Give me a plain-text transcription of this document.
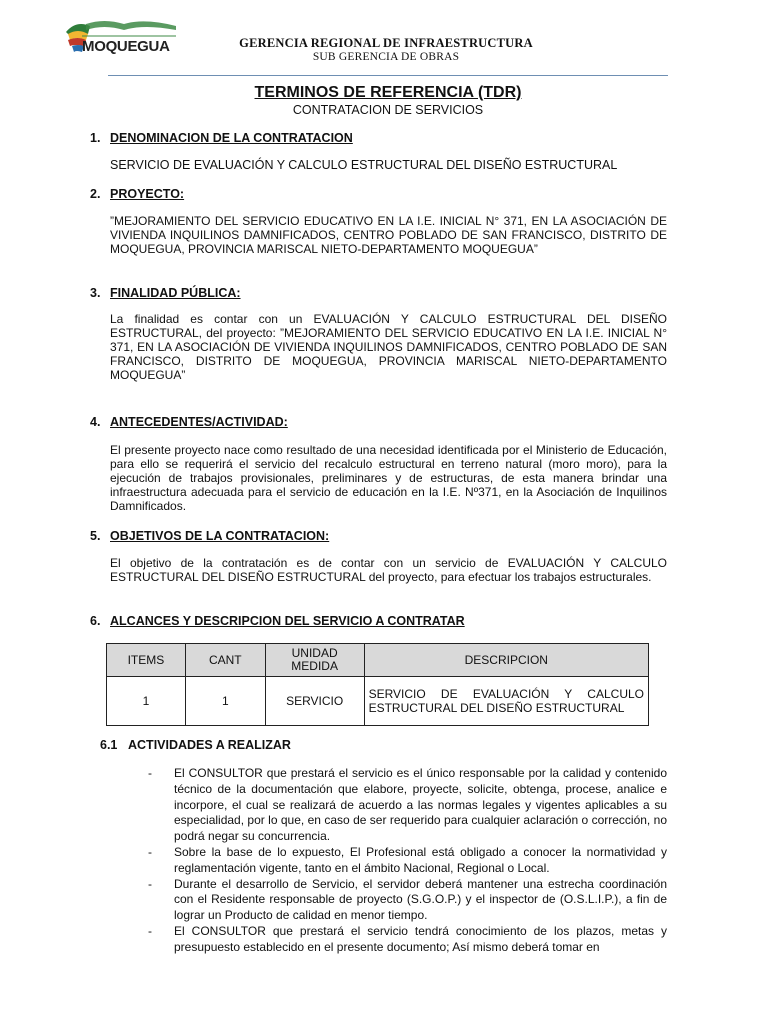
MOQUEGUA	GERENCIA REGIONAL DE INFRAESTRUCTURA
SUB GERENCIA DE OBRAS
TERMINOS DE REFERENCIA (TDR)
CONTRATACION DE SERVICIOS
1. DENOMINACION DE LA CONTRATACION
SERVICIO DE EVALUACIÓN Y CALCULO ESTRUCTURAL DEL DISEÑO ESTRUCTURAL
2. PROYECTO:
”MEJORAMIENTO DEL SERVICIO EDUCATIVO EN LA I.E. INICIAL N° 371, EN LA ASOCIACIÓN DE VIVIENDA INQUILINOS DAMNIFICADOS, CENTRO POBLADO DE SAN FRANCISCO, DISTRITO DE MOQUEGUA, PROVINCIA MARISCAL NIETO-DEPARTAMENTO MOQUEGUA”
3. FINALIDAD PÚBLICA:
La finalidad es contar con un EVALUACIÓN Y CALCULO ESTRUCTURAL DEL DISEÑO ESTRUCTURAL, del proyecto: ”MEJORAMIENTO DEL SERVICIO EDUCATIVO EN LA I.E. INICIAL N° 371, EN LA ASOCIACIÓN DE VIVIENDA INQUILINOS DAMNIFICADOS, CENTRO POBLADO DE SAN FRANCISCO, DISTRITO DE MOQUEGUA, PROVINCIA MARISCAL NIETO-DEPARTAMENTO MOQUEGUA”
4. ANTECEDENTES/ACTIVIDAD:
El presente proyecto nace como resultado de una necesidad identificada por el Ministerio de Educación, para ello se requerirá el servicio del recalculo estructural en terreno natural (moro moro), para la ejecución de trabajos provisionales, preliminares y de estructuras, de esta manera brindar una infraestructura adecuada para el servicio de educación en la I.E. Nº371, en la Asociación de Inquilinos Damnificados.
5. OBJETIVOS DE LA CONTRATACION:
El objetivo de la contratación es de contar con un servicio de EVALUACIÓN Y CALCULO ESTRUCTURAL DEL DISEÑO ESTRUCTURAL del proyecto, para efectuar los trabajos estructurales.
6. ALCANCES Y DESCRIPCION DEL SERVICIO A CONTRATAR
ITEMS	CANT	UNIDAD MEDIDA	DESCRIPCION
1	1	SERVICIO	SERVICIO DE EVALUACIÓN Y CALCULO ESTRUCTURAL DEL DISEÑO ESTRUCTURAL
6.1 ACTIVIDADES A REALIZAR
- El CONSULTOR que prestará el servicio es el único responsable por la calidad y contenido técnico de la documentación que elabore, proyecte, solicite, obtenga, procese, analice e incorpore, el cual se realizará de acuerdo a las normas legales y vigentes aplicables a su especialidad, por lo que, en caso de ser requerido para cualquier aclaración o corrección, no podrá negar su concurrencia.
- Sobre la base de lo expuesto, El Profesional está obligado a conocer la normatividad y reglamentación vigente, tanto en el ámbito Nacional, Regional o Local.
- Durante el desarrollo de Servicio, el servidor deberá mantener una estrecha coordinación con el Residente responsable de proyecto (S.G.O.P.) y el inspector de (O.S.L.I.P.), a fin de lograr un Producto de calidad en menor tiempo.
- El CONSULTOR que prestará el servicio tendrá conocimiento de los plazos, metas y presupuesto establecido en el presente documento; Así mismo deberá tomar en
